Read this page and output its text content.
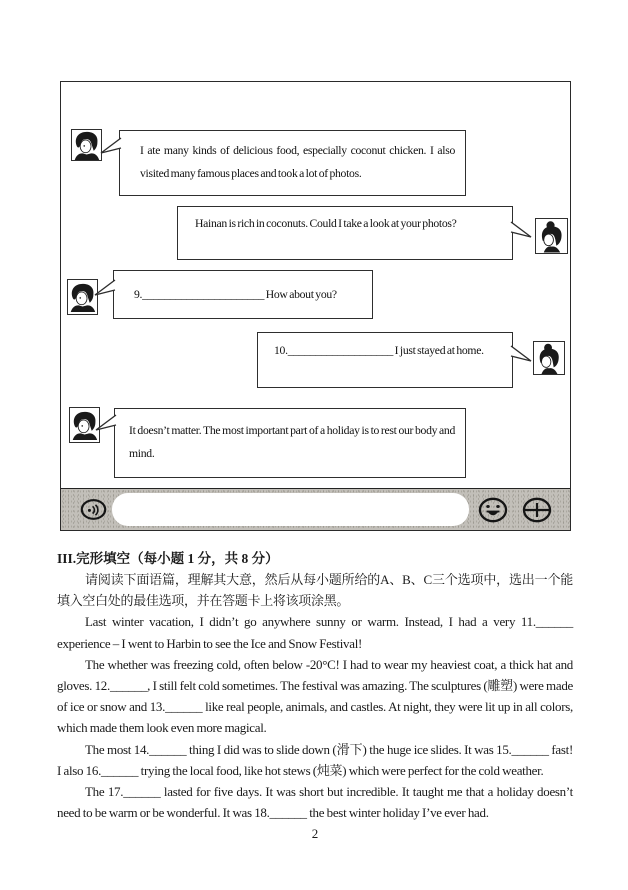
I ate many kinds of delicious food, especially coconut chicken. I also visited many famous places and took a lot of photos.

Hainan is rich in coconuts. Could I take a look at your photos?

9.______________________ How about you?

10.___________________ I just stayed at home.

It doesn’t matter. The most important part of a holiday is to rest our body and mind.

III.完形填空（每小题 1 分，共 8 分）

请阅读下面语篇，理解其大意，然后从每小题所给的A、B、C三个选项中，选出一个能填入空白处的最佳选项，并在答题卡上将该项涂黑。

Last winter vacation, I didn’t go anywhere sunny or warm. Instead, I had a very 11.______ experience – I went to Harbin to see the Ice and Snow Festival!

The whether was freezing cold, often below -20°C! I had to wear my heaviest coat, a thick hat and gloves. 12.______, I still felt cold sometimes. The festival was amazing. The sculptures (雕塑) were made of ice or snow and 13.______ like real people, animals, and castles. At night, they were lit up in all colors, which made them look even more magical.

The most 14.______ thing I did was to slide down (滑下) the huge ice slides. It was 15.______ fast! I also 16.______ trying the local food, like hot stews (炖菜) which were perfect for the cold weather.

The 17.______ lasted for five days. It was short but incredible. It taught me that a holiday doesn’t need to be warm or be wonderful. It was 18.______ the best winter holiday I’ve ever had.

2
